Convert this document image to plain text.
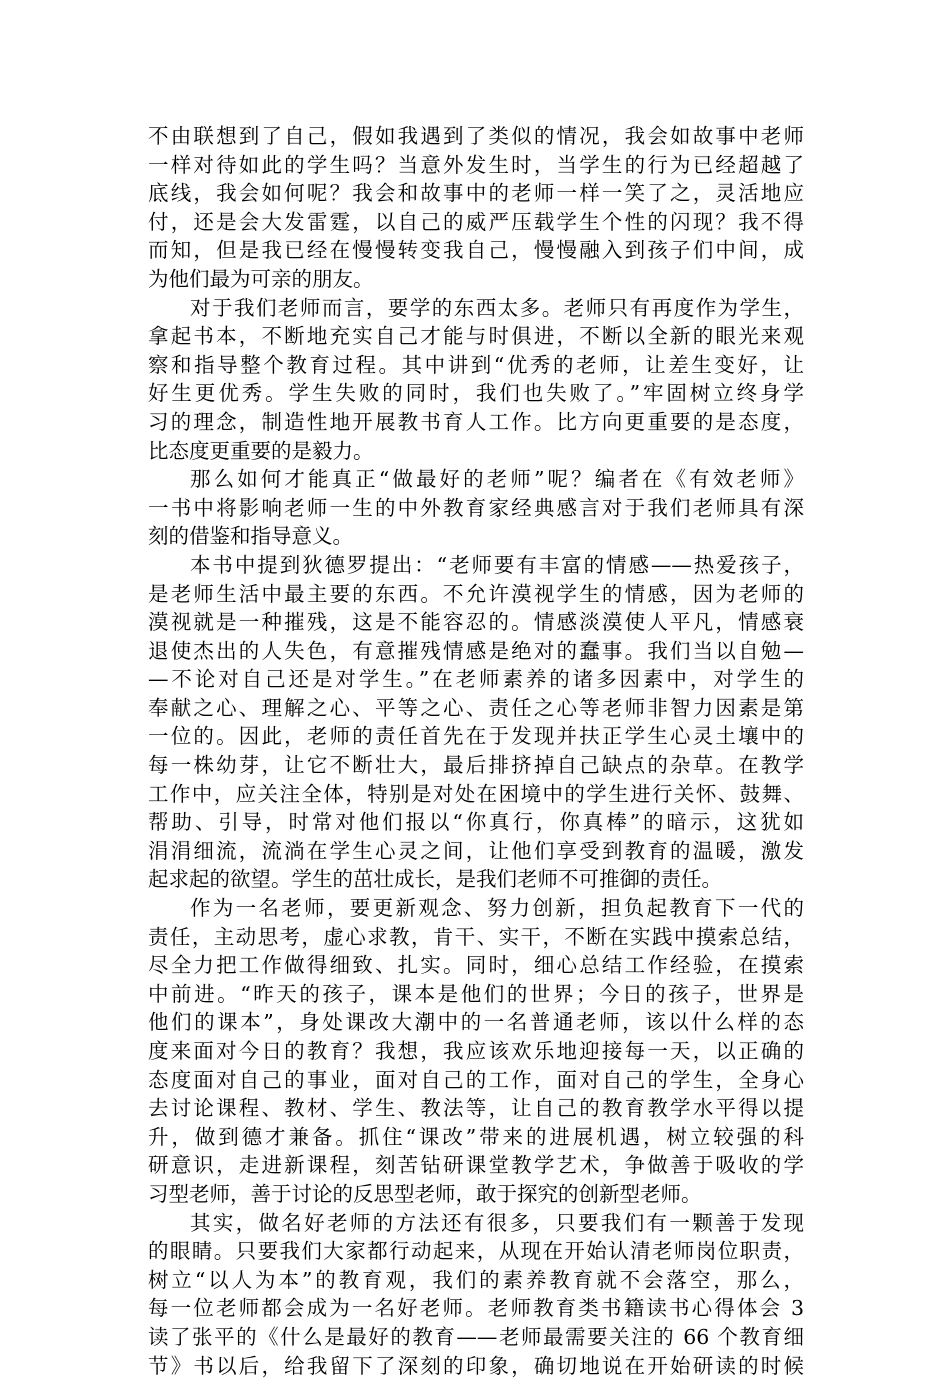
不由联想到了自己，假如我遇到了类似的情况，我会如故事中老师
一样对待如此的学生吗？当意外发生时，当学生的行为已经超越了
底线，我会如何呢？我会和故事中的老师一样一笑了之，灵活地应
付，还是会大发雷霆，以自己的威严压载学生个性的闪现？我不得
而知，但是我已经在慢慢转变我自己，慢慢融入到孩子们中间，成
为他们最为可亲的朋友。
对于我们老师而言，要学的东西太多。老师只有再度作为学生，
拿起书本，不断地充实自己才能与时俱进，不断以全新的眼光来观
察和指导整个教育过程。其中讲到“优秀的老师，让差生变好，让
好生更优秀。学生失败的同时，我们也失败了。”牢固树立终身学
习的理念，制造性地开展教书育人工作。比方向更重要的是态度，
比态度更重要的是毅力。
那么如何才能真正“做最好的老师”呢？编者在《有效老师》
一书中将影响老师一生的中外教育家经典感言对于我们老师具有深
刻的借鉴和指导意义。
本书中提到狄德罗提出：“老师要有丰富的情感——热爱孩子，
是老师生活中最主要的东西。不允许漠视学生的情感，因为老师的
漠视就是一种摧残，这是不能容忍的。情感淡漠使人平凡，情感衰
退使杰出的人失色，有意摧残情感是绝对的蠢事。我们当以自勉—
—不论对自己还是对学生。”在老师素养的诸多因素中，对学生的
奉献之心、理解之心、平等之心、责任之心等老师非智力因素是第
一位的。因此，老师的责任首先在于发现并扶正学生心灵土壤中的
每一株幼芽，让它不断壮大，最后排挤掉自己缺点的杂草。在教学
工作中，应关注全体，特别是对处在困境中的学生进行关怀、鼓舞、
帮助、引导，时常对他们报以“你真行，你真棒”的暗示，这犹如
涓涓细流，流淌在学生心灵之间，让他们享受到教育的温暖，激发
起求起的欲望。学生的茁壮成长，是我们老师不可推御的责任。
作为一名老师，要更新观念、努力创新，担负起教育下一代的
责任，主动思考，虚心求教，肯干、实干，不断在实践中摸索总结，
尽全力把工作做得细致、扎实。同时，细心总结工作经验，在摸索
中前进。“昨天的孩子，课本是他们的世界；今日的孩子，世界是
他们的课本”，身处课改大潮中的一名普通老师，该以什么样的态
度来面对今日的教育？我想，我应该欢乐地迎接每一天，以正确的
态度面对自己的事业，面对自己的工作，面对自己的学生，全身心
去讨论课程、教材、学生、教法等，让自己的教育教学水平得以提
升，做到德才兼备。抓住“课改”带来的进展机遇，树立较强的科
研意识，走进新课程，刻苦钻研课堂教学艺术，争做善于吸收的学
习型老师，善于讨论的反思型老师，敢于探究的创新型老师。
其实，做名好老师的方法还有很多，只要我们有一颗善于发现
的眼睛。只要我们大家都行动起来，从现在开始认清老师岗位职责，
树立“以人为本”的教育观，我们的素养教育就不会落空，那么，
每一位老师都会成为一名好老师。老师教育类书籍读书心得体会 3
读了张平的《什么是最好的教育——老师最需要关注的 66 个教育细
节》书以后，给我留下了深刻的印象，确切地说在开始研读的时候
